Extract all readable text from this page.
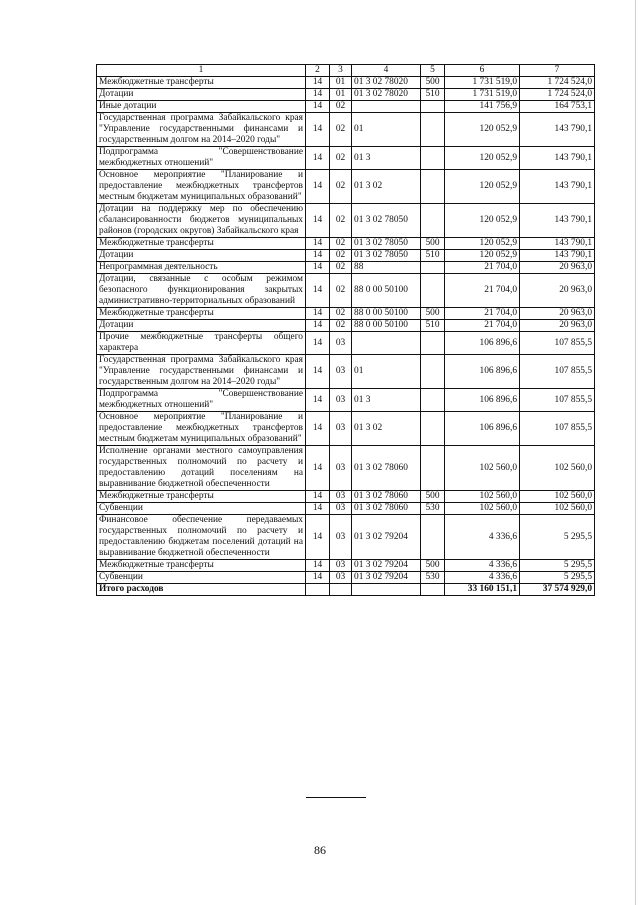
1	2	3	4	5	6	7
Межбюджетные трансферты	14	01	01 3 02 78020	500	1 731 519,0	1 724 524,0
Дотации	14	01	01 3 02 78020	510	1 731 519,0	1 724 524,0
Иные дотации	14	02			141 756,9	164 753,1
Государственная программа Забайкальского края "Управление государственными финансами и государственным долгом на 2014–2020 годы"	14	02	01		120 052,9	143 790,1
Подпрограмма "Совершенствование межбюджетных отношений"	14	02	01 3		120 052,9	143 790,1
Основное мероприятие "Планирование и предоставление межбюджетных трансфертов местным бюджетам муниципальных образований"	14	02	01 3 02		120 052,9	143 790,1
Дотации на поддержку мер по обеспечению сбалансированности бюджетов муниципальных районов (городских округов) Забайкальского края	14	02	01 3 02 78050		120 052,9	143 790,1
Межбюджетные трансферты	14	02	01 3 02 78050	500	120 052,9	143 790,1
Дотации	14	02	01 3 02 78050	510	120 052,9	143 790,1
Непрограммная деятельность	14	02	88		21 704,0	20 963,0
Дотации, связанные с особым режимом безопасного функционирования закрытых административно-территориальных образований	14	02	88 0 00 50100		21 704,0	20 963,0
Межбюджетные трансферты	14	02	88 0 00 50100	500	21 704,0	20 963,0
Дотации	14	02	88 0 00 50100	510	21 704,0	20 963,0
Прочие межбюджетные трансферты общего характера	14	03			106 896,6	107 855,5
Государственная программа Забайкальского края "Управление государственными финансами и государственным долгом на 2014–2020 годы"	14	03	01		106 896,6	107 855,5
Подпрограмма "Совершенствование межбюджетных отношений"	14	03	01 3		106 896,6	107 855,5
Основное мероприятие "Планирование и предоставление межбюджетных трансфертов местным бюджетам муниципальных образований"	14	03	01 3 02		106 896,6	107 855,5
Исполнение органами местного самоуправления государственных полномочий по расчету и предоставлению дотаций поселениям на выравнивание бюджетной обеспеченности	14	03	01 3 02 78060		102 560,0	102 560,0
Межбюджетные трансферты	14	03	01 3 02 78060	500	102 560,0	102 560,0
Субвенции	14	03	01 3 02 78060	530	102 560,0	102 560,0
Финансовое обеспечение передаваемых государственных полномочий по расчету и предоставлению бюджетам поселений дотаций на выравнивание бюджетной обеспеченности	14	03	01 3 02 79204		4 336,6	5 295,5
Межбюджетные трансферты	14	03	01 3 02 79204	500	4 336,6	5 295,5
Субвенции	14	03	01 3 02 79204	530	4 336,6	5 295,5
Итого расходов					33 160 151,1	37 574 929,0
86
